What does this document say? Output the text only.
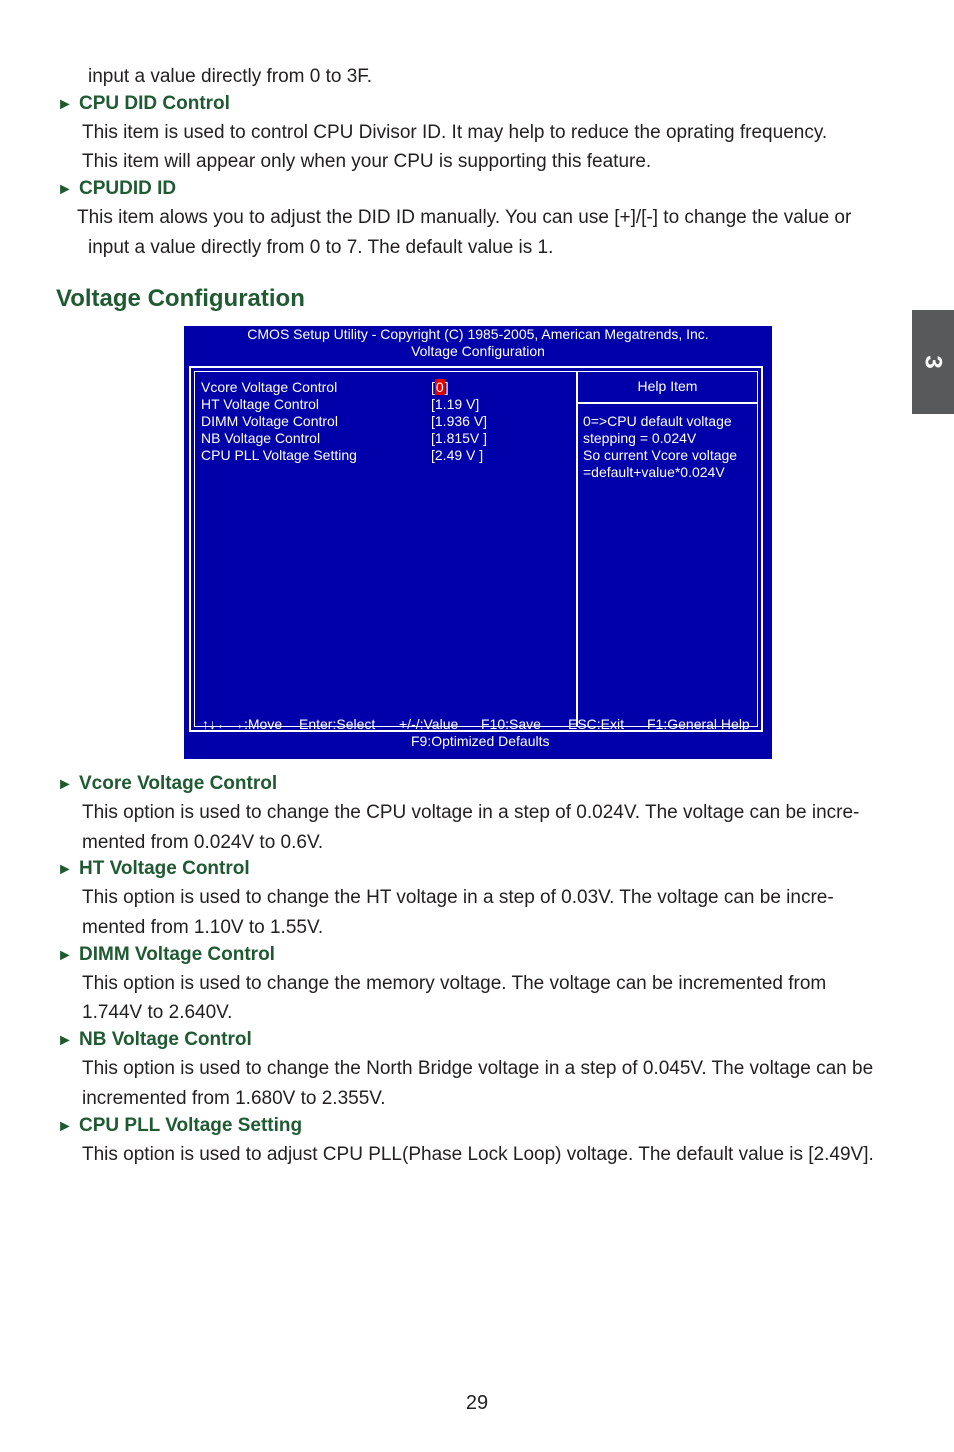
input a value directly from 0 to 3F.
► CPU DID Control
This item is used to control CPU Divisor ID. It may help to reduce the oprating frequency.
This item will appear only when your CPU is supporting this feature.
► CPUDID ID
This item alows you to adjust the DID ID manually. You can use [+]/[-] to change the value or
input a value directly from 0 to 7. The default value is 1.
Voltage Configuration
3
CMOS Setup Utility - Copyright (C) 1985-2005, American Megatrends, Inc.
Voltage Configuration
Vcore Voltage Control	[0]
HT Voltage Control	[1.19 V]
DIMM Voltage Control	[1.936 V]
NB Voltage Control	[1.815V ]
CPU PLL Voltage Setting	[2.49 V ]
Help Item
0=>CPU default voltage
stepping = 0.024V
So current Vcore voltage
=default+value*0.024V
↑↓←→:Move Enter:Select +/-/:Value F10:Save ESC:Exit F1:General Help
F9:Optimized Defaults
► Vcore Voltage Control
This option is used to change the CPU voltage in a step of 0.024V. The voltage can be incre-
mented from 0.024V to 0.6V.
► HT Voltage Control
This option is used to change the HT voltage in a step of 0.03V. The voltage can be incre-
mented from 1.10V to 1.55V.
► DIMM Voltage Control
This option is used to change the memory voltage. The voltage can be incremented from
1.744V to 2.640V.
► NB Voltage Control
This option is used to change the North Bridge voltage in a step of 0.045V. The voltage can be
incremented from 1.680V to 2.355V.
► CPU PLL Voltage Setting
This option is used to adjust CPU PLL(Phase Lock Loop) voltage. The default value is [2.49V].
29
